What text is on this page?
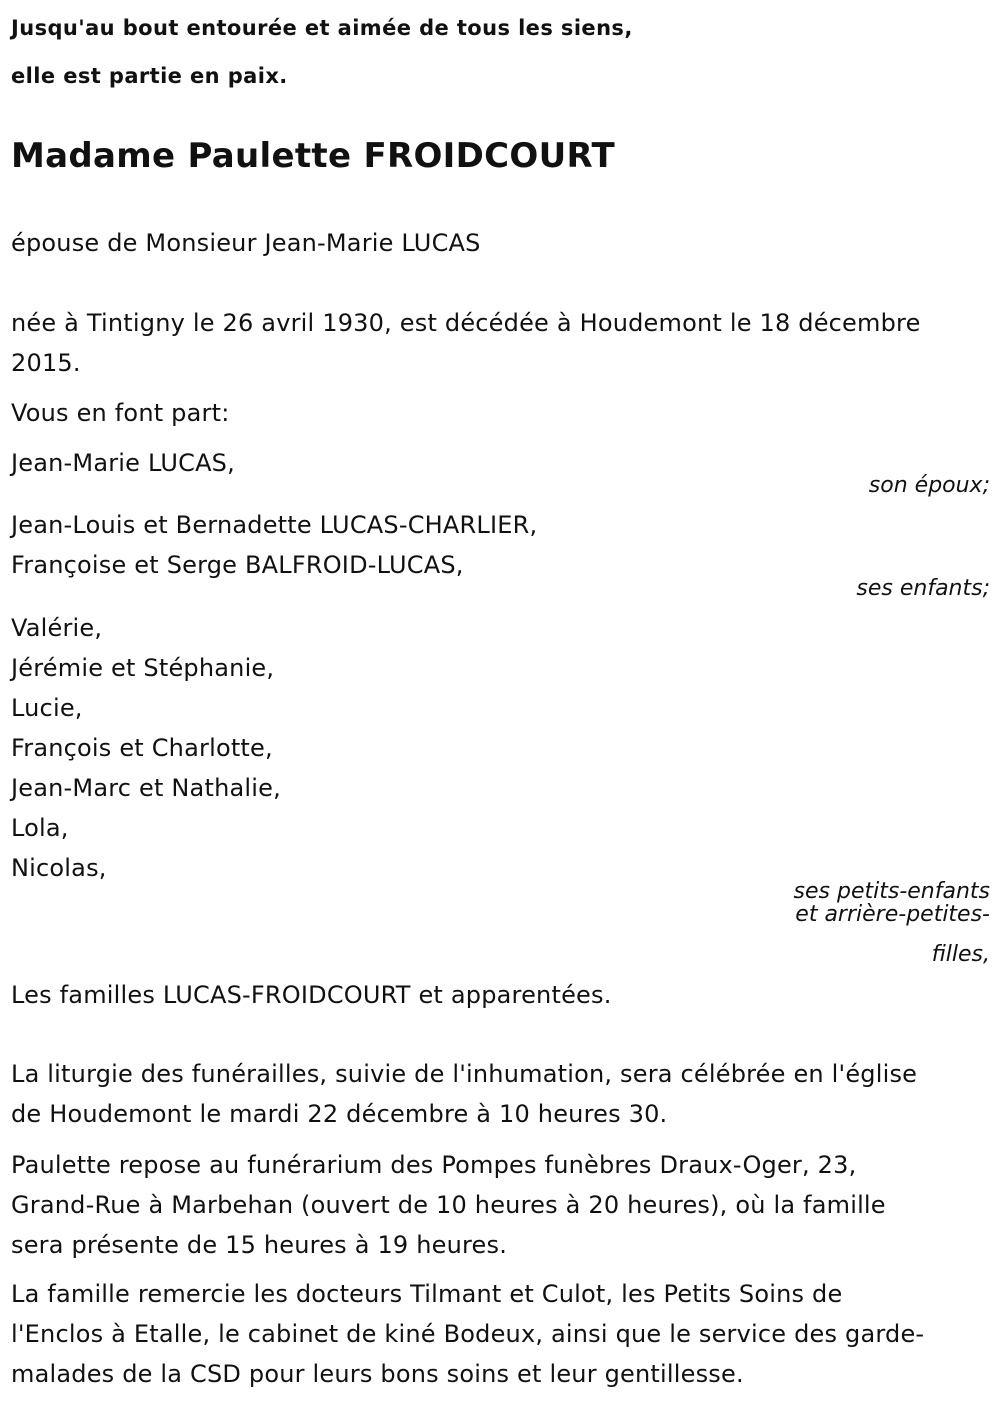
Jusqu'au bout entourée et aimée de tous les siens,
elle est partie en paix.
Madame Paulette FROIDCOURT
épouse de Monsieur Jean-Marie LUCAS
née à Tintigny le 26 avril 1930, est décédée à Houdemont le 18 décembre
2015.
Vous en font part:
Jean-Marie LUCAS,
son époux;
Jean-Louis et Bernadette LUCAS-CHARLIER,
Françoise et Serge BALFROID-LUCAS,
ses enfants;
Valérie,
Jérémie et Stéphanie,
Lucie,
François et Charlotte,
Jean-Marc et Nathalie,
Lola,
Nicolas,
ses petits-enfants
et arrière-petites-
filles,
Les familles LUCAS-FROIDCOURT et apparentées.
La liturgie des funérailles, suivie de l'inhumation, sera célébrée en l'église
de Houdemont le mardi 22 décembre à 10 heures 30.
Paulette repose au funérarium des Pompes funèbres Draux-Oger, 23,
Grand-Rue à Marbehan (ouvert de 10 heures à 20 heures), où la famille
sera présente de 15 heures à 19 heures.
La famille remercie les docteurs Tilmant et Culot, les Petits Soins de
l'Enclos à Etalle, le cabinet de kiné Bodeux, ainsi que le service des garde-
malades de la CSD pour leurs bons soins et leur gentillesse.
